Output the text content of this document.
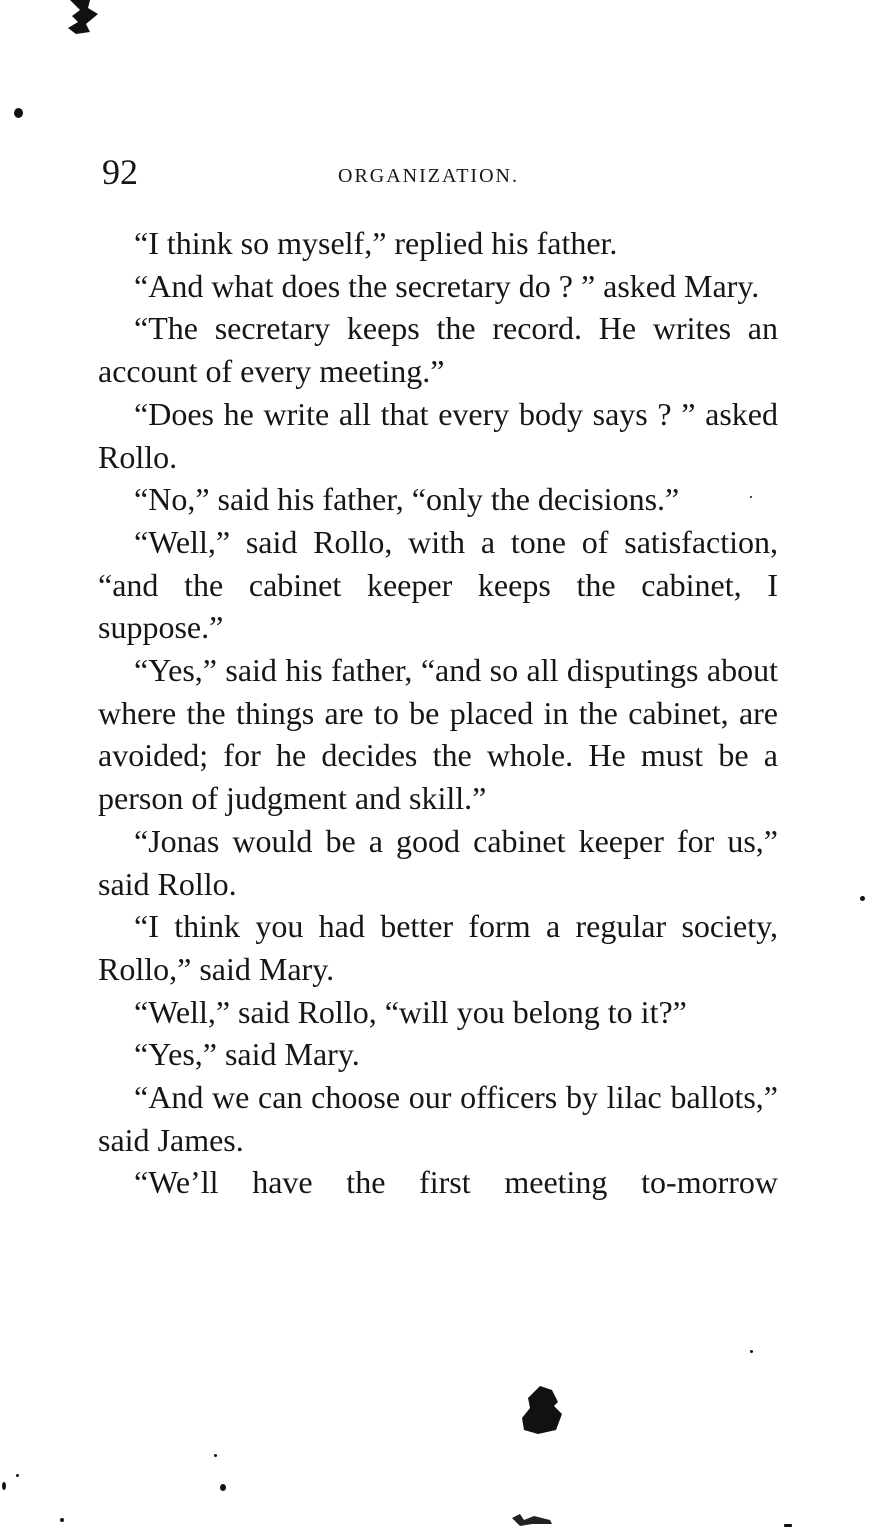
92	ORGANIZATION.

“I think so myself,” replied his father.

“And what does the secretary do ? ” asked Mary.

“The secretary keeps the record. He writes an account of every meeting.”

“Does he write all that every body says ? ” asked Rollo.

“No,” said his father, “only the decisions.”

“Well,” said Rollo, with a tone of satisfaction, “and the cabinet keeper keeps the cabinet, I suppose.”

“Yes,” said his father, “and so all disputings about where the things are to be placed in the cabinet, are avoided; for he decides the whole. He must be a person of judgment and skill.”

“Jonas would be a good cabinet keeper for us,” said Rollo.

“I think you had better form a regular society, Rollo,” said Mary.

“Well,” said Rollo, “will you belong to it?”

“Yes,” said Mary.

“And we can choose our officers by lilac ballots,” said James.

“We’ll have the first meeting to-morrow
